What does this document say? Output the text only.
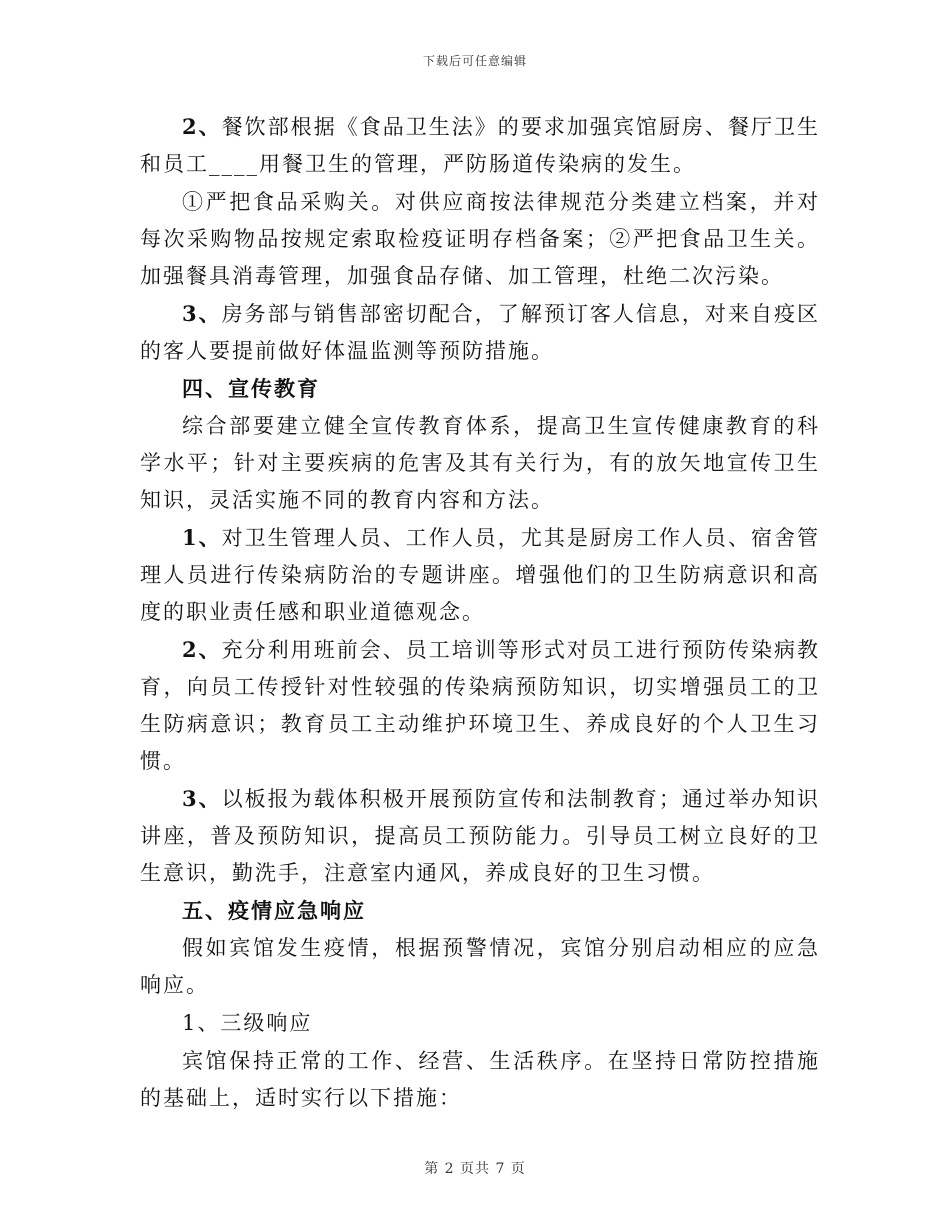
下载后可任意编辑

2、餐饮部根据《食品卫生法》的要求加强宾馆厨房、餐厅卫生和员工____用餐卫生的管理，严防肠道传染病的发生。

①严把食品采购关。对供应商按法律规范分类建立档案，并对每次采购物品按规定索取检疫证明存档备案；②严把食品卫生关。加强餐具消毒管理，加强食品存储、加工管理，杜绝二次污染。

3、房务部与销售部密切配合，了解预订客人信息，对来自疫区的客人要提前做好体温监测等预防措施。

四、宣传教育

综合部要建立健全宣传教育体系，提高卫生宣传健康教育的科学水平；针对主要疾病的危害及其有关行为，有的放矢地宣传卫生知识，灵活实施不同的教育内容和方法。

1、对卫生管理人员、工作人员，尤其是厨房工作人员、宿舍管理人员进行传染病防治的专题讲座。增强他们的卫生防病意识和高度的职业责任感和职业道德观念。

2、充分利用班前会、员工培训等形式对员工进行预防传染病教育，向员工传授针对性较强的传染病预防知识，切实增强员工的卫生防病意识；教育员工主动维护环境卫生、养成良好的个人卫生习惯。

3、以板报为载体积极开展预防宣传和法制教育；通过举办知识讲座，普及预防知识，提高员工预防能力。引导员工树立良好的卫生意识，勤洗手，注意室内通风，养成良好的卫生习惯。

五、疫情应急响应

假如宾馆发生疫情，根据预警情况，宾馆分别启动相应的应急响应。

1、三级响应

宾馆保持正常的工作、经营、生活秩序。在坚持日常防控措施的基础上，适时实行以下措施：

第 2 页共 7 页
